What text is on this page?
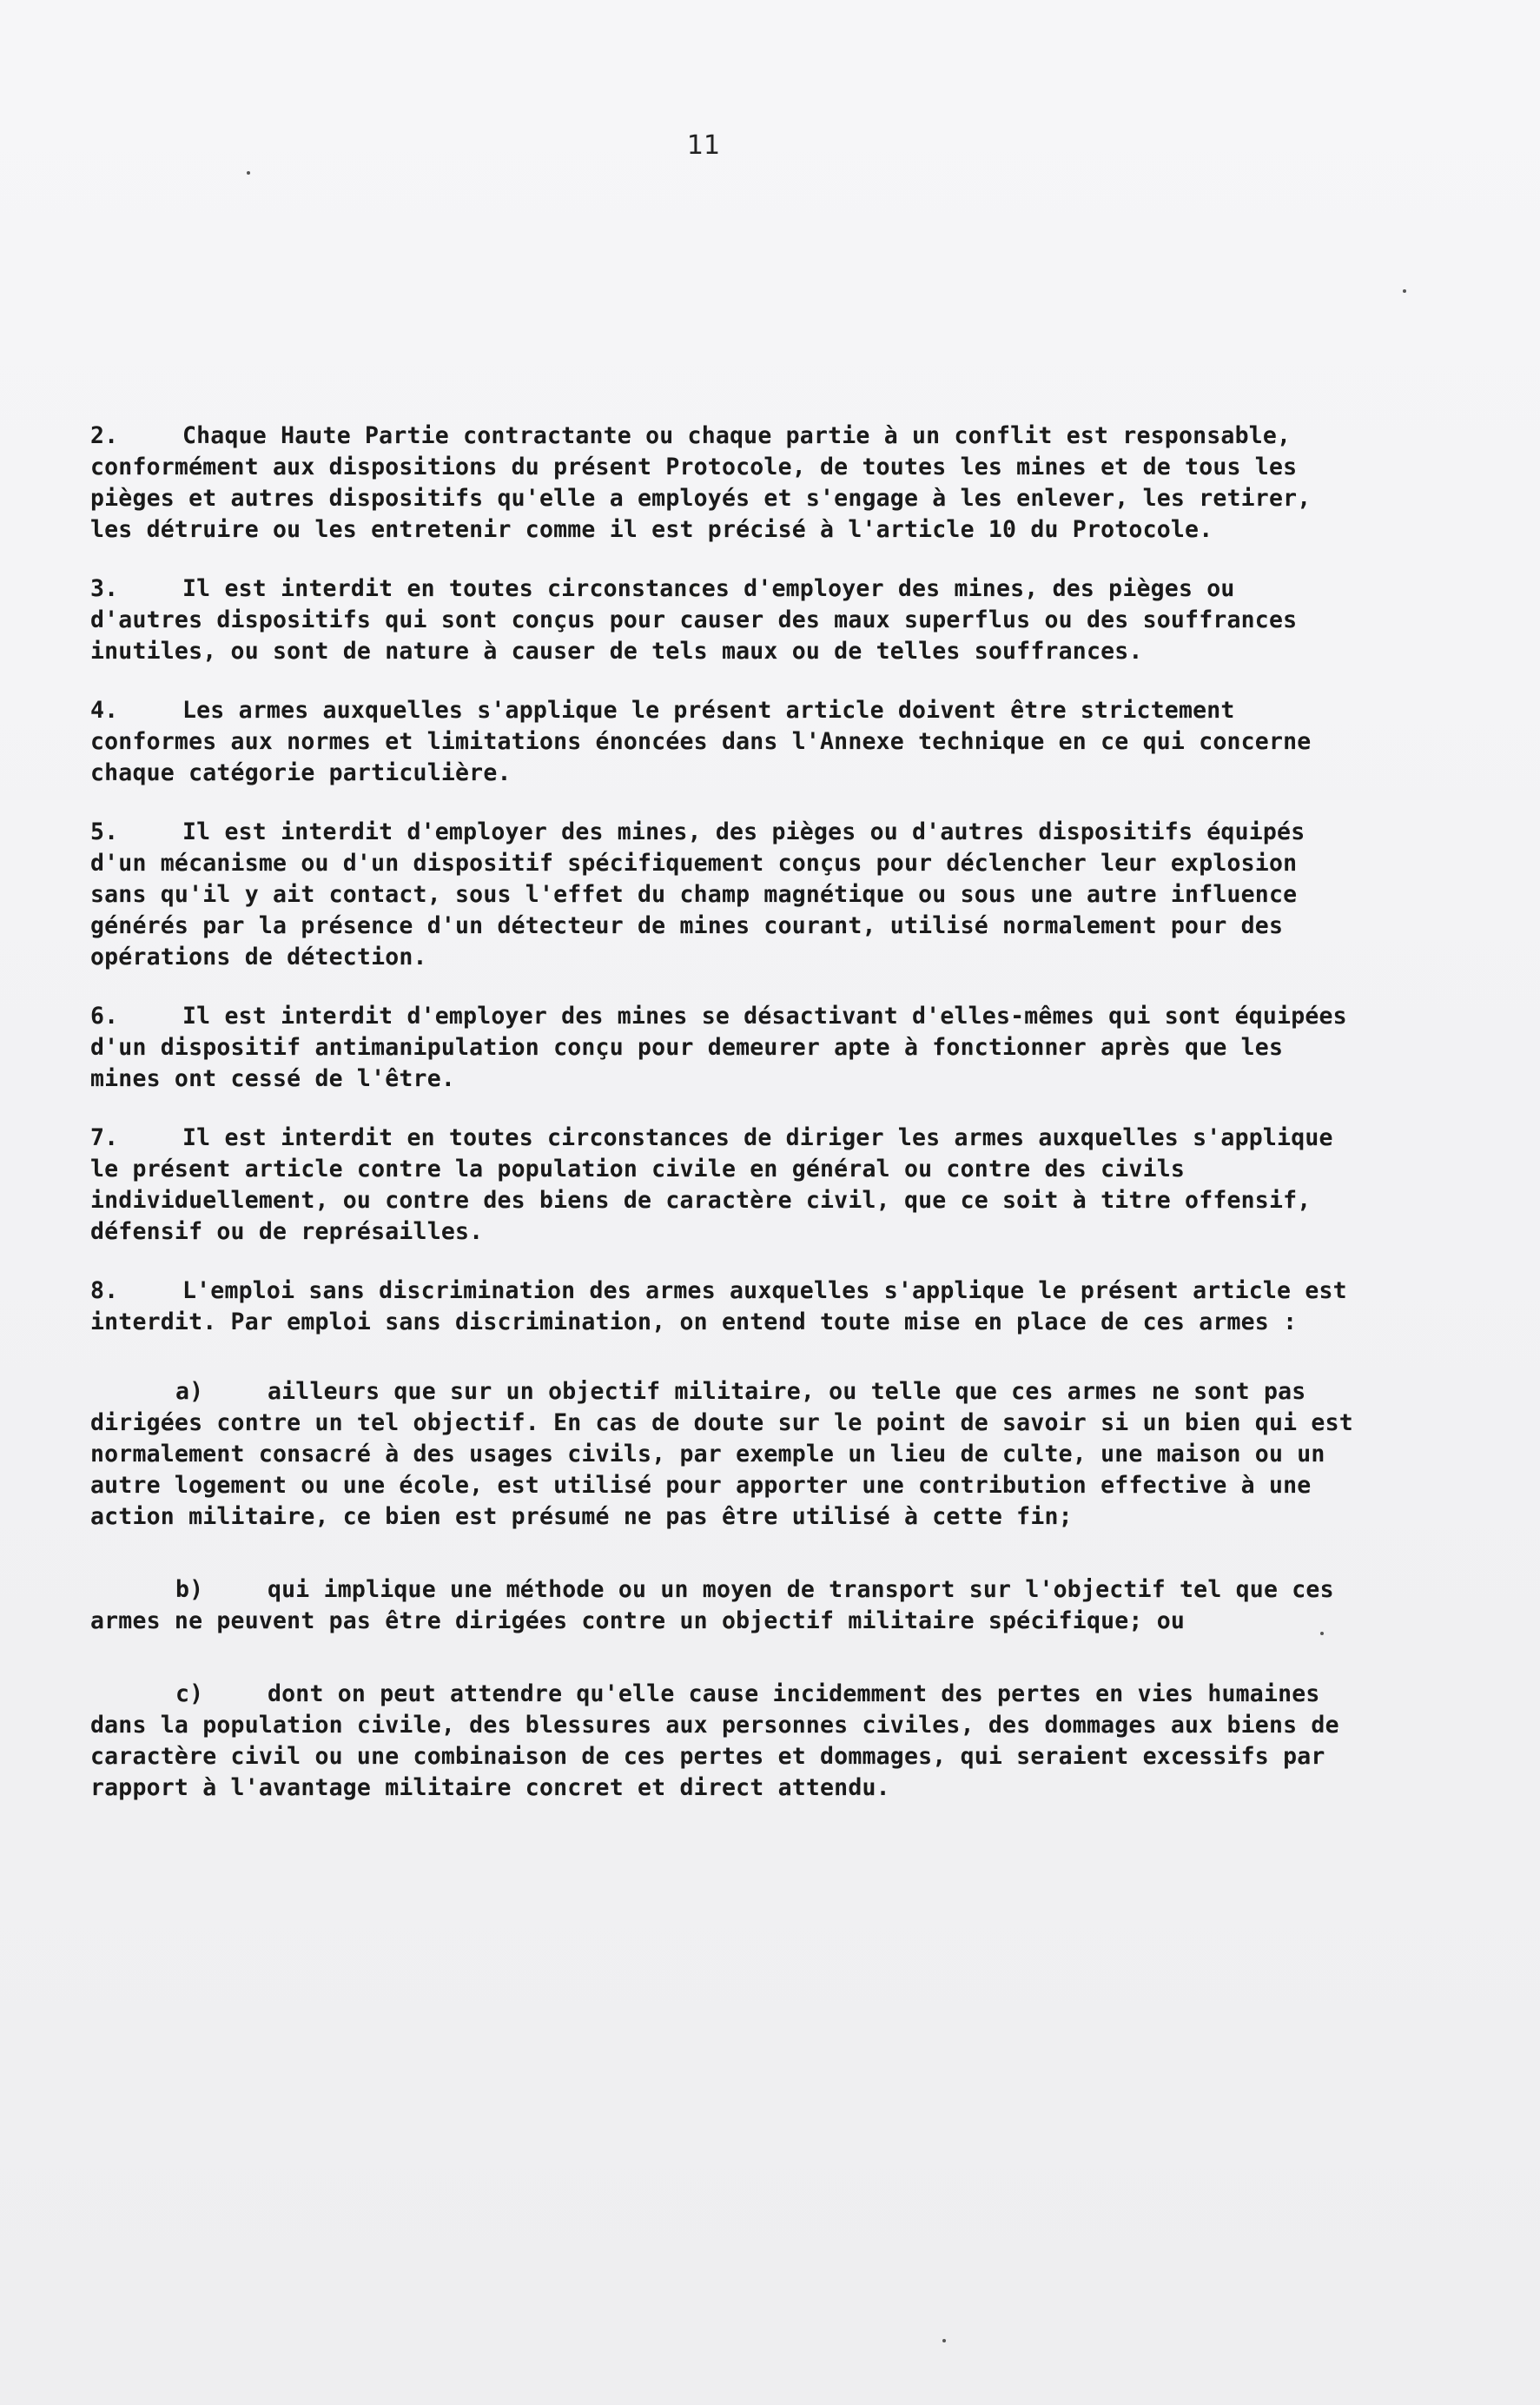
11

2.	Chaque Haute Partie contractante ou chaque partie à un conflit est responsable, conformément aux dispositions du présent Protocole, de toutes les mines et de tous les pièges et autres dispositifs qu'elle a employés et s'engage à les enlever, les retirer, les détruire ou les entretenir comme il est précisé à l'article 10 du Protocole.

3.	Il est interdit en toutes circonstances d'employer des mines, des pièges ou d'autres dispositifs qui sont conçus pour causer des maux superflus ou des souffrances inutiles, ou sont de nature à causer de tels maux ou de telles souffrances.

4.	Les armes auxquelles s'applique le présent article doivent être strictement conformes aux normes et limitations énoncées dans l'Annexe technique en ce qui concerne chaque catégorie particulière.

5.	Il est interdit d'employer des mines, des pièges ou d'autres dispositifs équipés d'un mécanisme ou d'un dispositif spécifiquement conçus pour déclencher leur explosion sans qu'il y ait contact, sous l'effet du champ magnétique ou sous une autre influence générés par la présence d'un détecteur de mines courant, utilisé normalement pour des opérations de détection.

6.	Il est interdit d'employer des mines se désactivant d'elles-mêmes qui sont équipées d'un dispositif antimanipulation conçu pour demeurer apte à fonctionner après que les mines ont cessé de l'être.

7.	Il est interdit en toutes circonstances de diriger les armes auxquelles s'applique le présent article contre la population civile en général ou contre des civils individuellement, ou contre des biens de caractère civil, que ce soit à titre offensif, défensif ou de représailles.

8.	L'emploi sans discrimination des armes auxquelles s'applique le présent article est interdit. Par emploi sans discrimination, on entend toute mise en place de ces armes :

a)	ailleurs que sur un objectif militaire, ou telle que ces armes ne sont pas dirigées contre un tel objectif. En cas de doute sur le point de savoir si un bien qui est normalement consacré à des usages civils, par exemple un lieu de culte, une maison ou un autre logement ou une école, est utilisé pour apporter une contribution effective à une action militaire, ce bien est présumé ne pas être utilisé à cette fin;

b)	qui implique une méthode ou un moyen de transport sur l'objectif tel que ces armes ne peuvent pas être dirigées contre un objectif militaire spécifique; ou

c)	dont on peut attendre qu'elle cause incidemment des pertes en vies humaines dans la population civile, des blessures aux personnes civiles, des dommages aux biens de caractère civil ou une combinaison de ces pertes et dommages, qui seraient excessifs par rapport à l'avantage militaire concret et direct attendu.
